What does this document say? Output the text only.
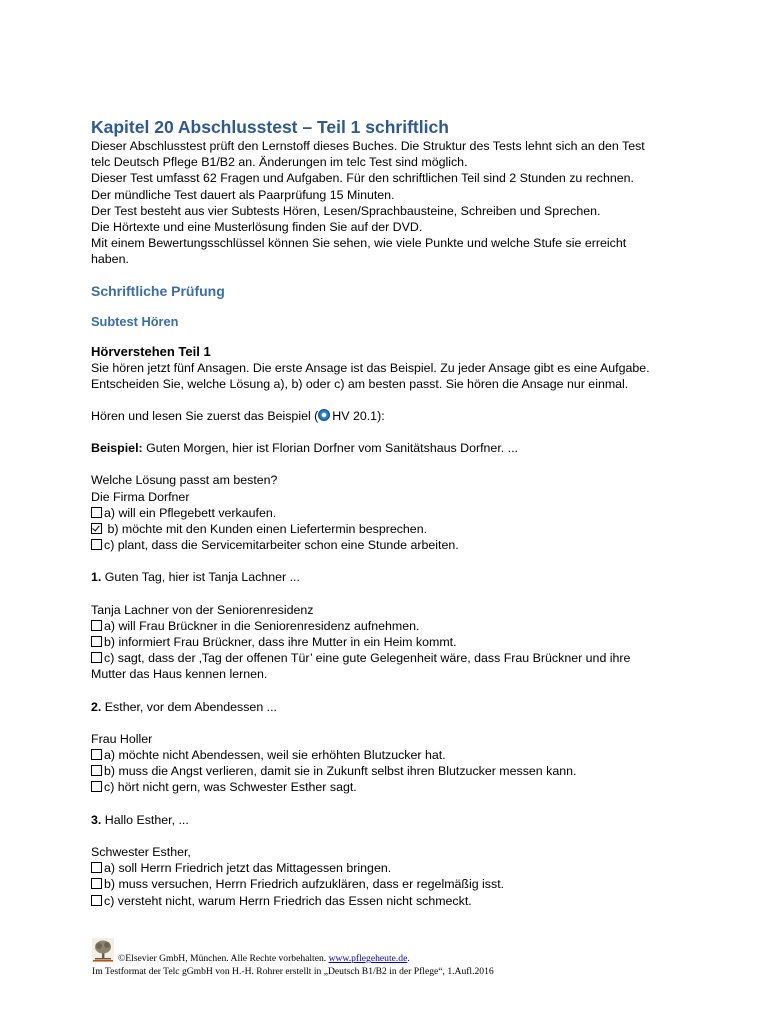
Kapitel 20 Abschlusstest – Teil 1 schriftlich
Dieser Abschlusstest prüft den Lernstoff dieses Buches. Die Struktur des Tests lehnt sich an den Test
telc Deutsch Pflege B1/B2 an. Änderungen im telc Test sind möglich.
Dieser Test umfasst 62 Fragen und Aufgaben. Für den schriftlichen Teil sind 2 Stunden zu rechnen.
Der mündliche Test dauert als Paarprüfung 15 Minuten.
Der Test besteht aus vier Subtests Hören, Lesen/Sprachbausteine, Schreiben und Sprechen.
Die Hörtexte und eine Musterlösung finden Sie auf der DVD.
Mit einem Bewertungsschlüssel können Sie sehen, wie viele Punkte und welche Stufe sie erreicht
haben.
Schriftliche Prüfung
Subtest Hören
Hörverstehen Teil 1
Sie hören jetzt fünf Ansagen. Die erste Ansage ist das Beispiel. Zu jeder Ansage gibt es eine Aufgabe.
Entscheiden Sie, welche Lösung a), b) oder c) am besten passt. Sie hören die Ansage nur einmal.
Hören und lesen Sie zuerst das Beispiel ( HV 20.1):
Beispiel: Guten Morgen, hier ist Florian Dorfner vom Sanitätshaus Dorfner. ...
Welche Lösung passt am besten?
Die Firma Dorfner
a) will ein Pflegebett verkaufen.
b) möchte mit den Kunden einen Liefertermin besprechen.
c) plant, dass die Servicemitarbeiter schon eine Stunde arbeiten.
1. Guten Tag, hier ist Tanja Lachner ...
Tanja Lachner von der Seniorenresidenz
a) will Frau Brückner in die Seniorenresidenz aufnehmen.
b) informiert Frau Brückner, dass ihre Mutter in ein Heim kommt.
c) sagt, dass der ‚Tag der offenen Tür’ eine gute Gelegenheit wäre, dass Frau Brückner und ihre
Mutter das Haus kennen lernen.
2. Esther, vor dem Abendessen ...
Frau Holler
a) möchte nicht Abendessen, weil sie erhöhten Blutzucker hat.
b) muss die Angst verlieren, damit sie in Zukunft selbst ihren Blutzucker messen kann.
c) hört nicht gern, was Schwester Esther sagt.
3. Hallo Esther, ...
Schwester Esther,
a) soll Herrn Friedrich jetzt das Mittagessen bringen.
b) muss versuchen, Herrn Friedrich aufzuklären, dass er regelmäßig isst.
c) versteht nicht, warum Herrn Friedrich das Essen nicht schmeckt.
©Elsevier GmbH, München. Alle Rechte vorbehalten. www.pflegeheute.de.
Im Testformat der Telc gGmbH von H.-H. Rohrer erstellt in „Deutsch B1/B2 in der Pflege“, 1.Aufl.2016
